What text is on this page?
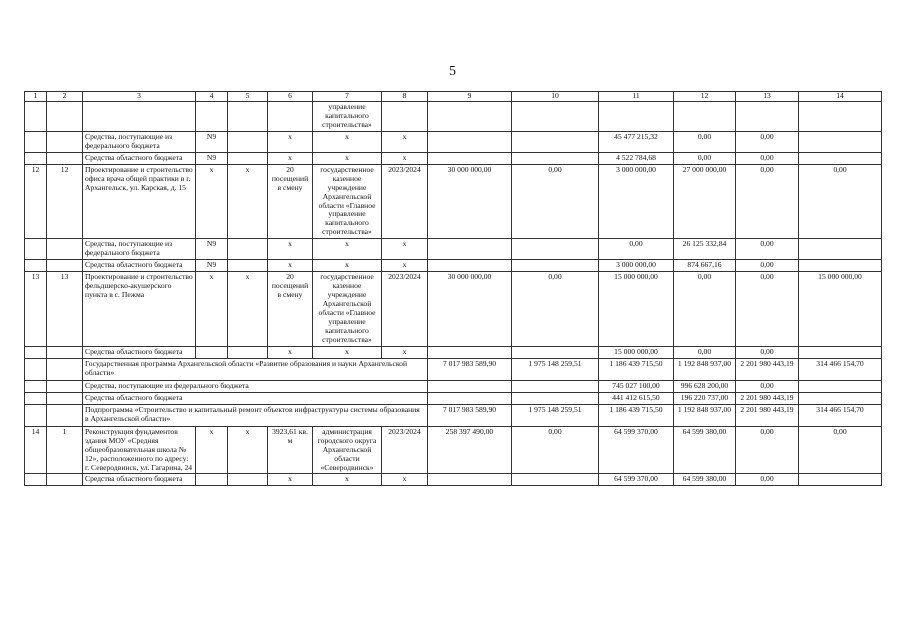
5
1	2	3	4	5	6	7	8	9	10	11	12	13	14
						управление капитального строительства»							
		Средства, поступающие из федерального бюджета	N9		x	x	x			45 477 215,32	0,00	0,00	
		Средства областного бюджета	N9		x	x	x			4 522 784,68	0,00	0,00	
12	12	Проектирование и строительство офиса врача общей практики в г. Архангельск, ул. Карская, д. 15	x	x	20 посещений в смену	государственное казенное учреждение Архангельской области «Главное управление капитального строительства»	2023/2024	30 000 000,00	0,00	3 000 000,00	27 000 000,00	0,00	0,00
		Средства, поступающие из федерального бюджета	N9		x	x	x			0,00	26 125 332,84	0,00	
		Средства областного бюджета	N9		x	x	x			3 000 000,00	874 667,16	0,00	
13	13	Проектирование и строительство фельдшерско-акушерского пункта в с. Пежма	x	x	20 посещений в смену	государственное казенное учреждение Архангельской области «Главное управление капитального строительства»	2023/2024	30 000 000,00	0,00	15 000 000,00	0,00	0,00	15 000 000,00
		Средства областного бюджета			x	x	x			15 000 000,00	0,00	0,00	
		Государственная программа Архангельской области «Развитие образования и науки Архангельской области»						7 017 983 589,90	1 975 148 259,51	1 186 439 715,50	1 192 848 937,00	2 201 980 443,19	314 466 154,70
		Средства, поступающие из федерального бюджета								745 027 100,00	996 628 200,00	0,00	
		Средства областного бюджета								441 412 615,50	196 220 737,00	2 201 980 443,19	
		Подпрограмма «Строительство и капитальный ремонт объектов инфраструктуры системы образования в Архангельской области»						7 017 983 589,90	1 975 148 259,51	1 186 439 715,50	1 192 848 937,00	2 201 980 443,19	314 466 154,70
14	1	Реконструкция фундаментов здания МОУ «Средняя общеобразовательная школа № 12», расположенного по адресу: г. Северодвинск, ул. Гагарина, 24	x	x	3923,61 кв. м	администрация городского округа Архангельской области «Северодвинск»	2023/2024	258 397 490,00	0,00	64 599 370,00	64 599 380,00	0,00	0,00
		Средства областного бюджета			x	x	x			64 599 370,00	64 599 380,00	0,00	
